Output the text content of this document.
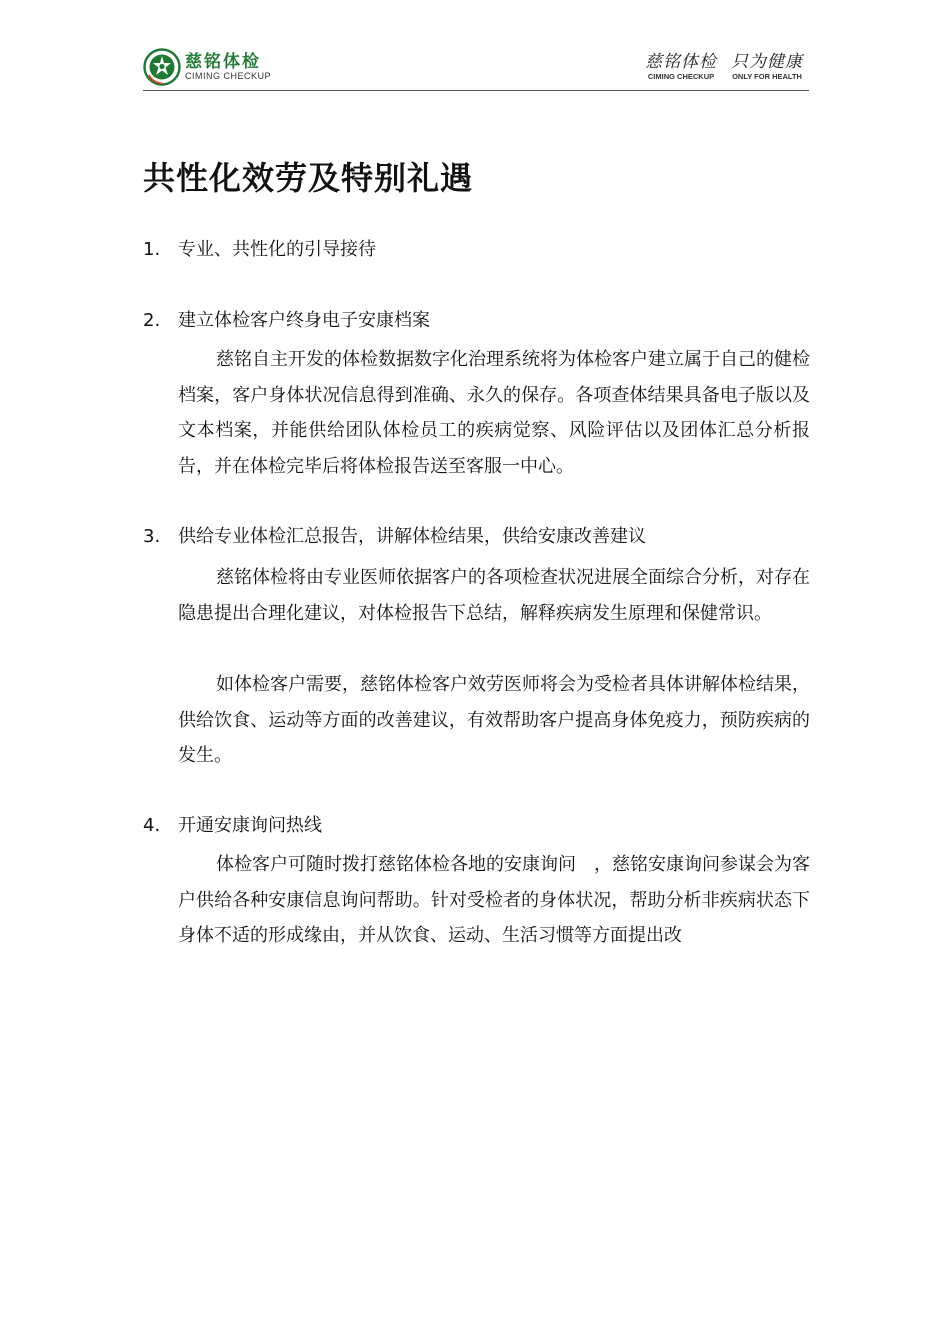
慈铭体检
CIMING CHECKUP
慈铭体检
CIMING CHECKUP
只为健康
ONLY FOR HEALTH
共性化效劳及特别礼遇
1. 专业、共性化的引导接待
2. 建立体检客户终身电子安康档案

慈铭自主开发的体检数据数字化治理系统将为体检客户建立属于自己的健检档案，客户身体状况信息得到准确、永久的保存。各项查体结果具备电子版以及文本档案，并能供给团队体检员工的疾病觉察、风险评估以及团体汇总分析报告，并在体检完毕后将体检报告送至客服一中心。

3. 供给专业体检汇总报告，讲解体检结果，供给安康改善建议

慈铭体检将由专业医师依据客户的各项检查状况进展全面综合分析，对存在隐患提出合理化建议，对体检报告下总结，解释疾病发生原理和保健常识。

如体检客户需要，慈铭体检客户效劳医师将会为受检者具体讲解体检结果，供给饮食、运动等方面的改善建议，有效帮助客户提高身体免疫力，预防疾病的发生。

4. 开通安康询问热线

体检客户可随时拨打慈铭体检各地的安康询问　，慈铭安康询问参谋会为客户供给各种安康信息询问帮助。针对受检者的身体状况，帮助分析非疾病状态下身体不适的形成缘由，并从饮食、运动、生活习惯等方面提出改
